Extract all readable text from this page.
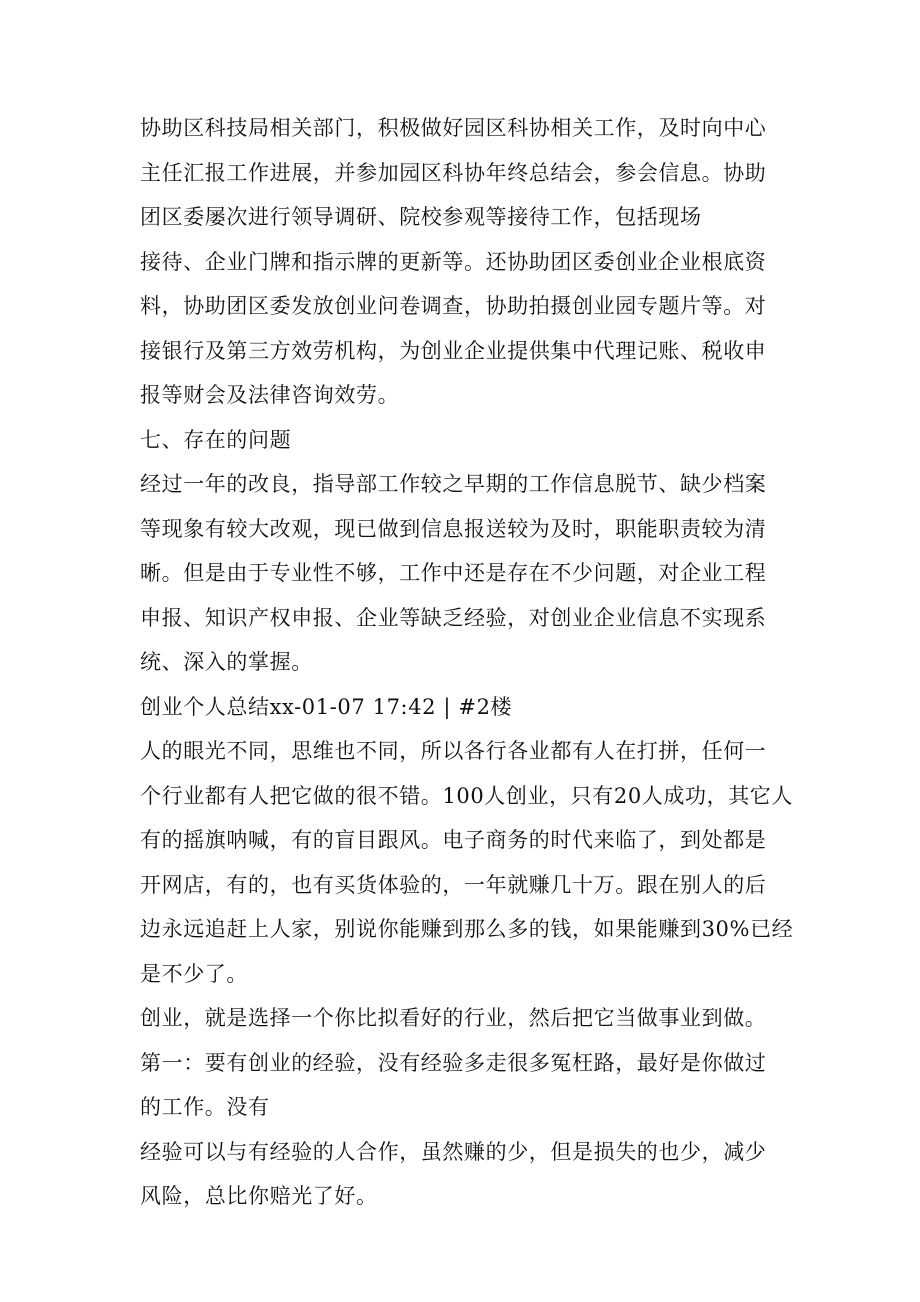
协助区科技局相关部门，积极做好园区科协相关工作，及时向中心
主任汇报工作进展，并参加园区科协年终总结会，参会信息。协助
团区委屡次进行领导调研、院校参观等接待工作，包括现场
接待、企业门牌和指示牌的更新等。还协助团区委创业企业根底资
料，协助团区委发放创业问卷调查，协助拍摄创业园专题片等。对
接银行及第三方效劳机构，为创业企业提供集中代理记账、税收申
报等财会及法律咨询效劳。
七、存在的问题
经过一年的改良，指导部工作较之早期的工作信息脱节、缺少档案
等现象有较大改观，现已做到信息报送较为及时，职能职责较为清
晰。但是由于专业性不够，工作中还是存在不少问题，对企业工程
申报、知识产权申报、企业等缺乏经验，对创业企业信息不实现系
统、深入的掌握。
创业个人总结xx-01-07 17:42 | #2楼
人的眼光不同，思维也不同，所以各行各业都有人在打拼，任何一
个行业都有人把它做的很不错。100人创业，只有20人成功，其它人
有的摇旗呐喊，有的盲目跟风。电子商务的时代来临了，到处都是
开网店，有的，也有买货体验的，一年就赚几十万。跟在别人的后
边永远追赶上人家，别说你能赚到那么多的钱，如果能赚到30%已经
是不少了。
创业，就是选择一个你比拟看好的行业，然后把它当做事业到做。
第一：要有创业的经验，没有经验多走很多冤枉路，最好是你做过
的工作。没有
经验可以与有经验的人合作，虽然赚的少，但是损失的也少，减少
风险，总比你赔光了好。
